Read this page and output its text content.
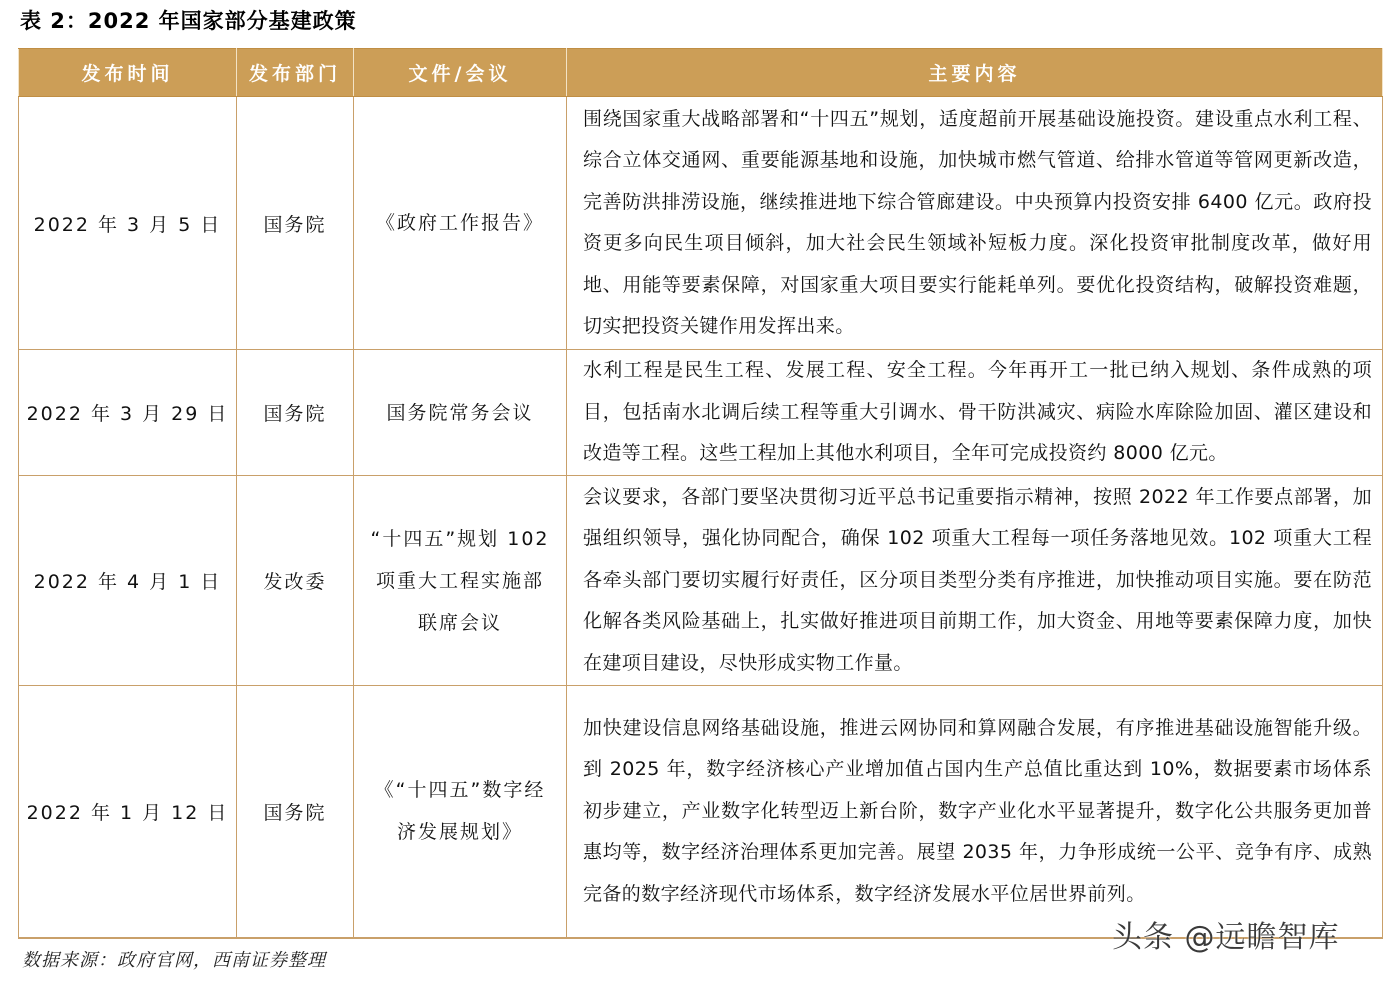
表 2：2022 年国家部分基建政策
发布时间	发布部门	文件/会议	主要内容
2022 年 3 月 5 日	国务院	《政府工作报告》	围绕国家重大战略部署和“十四五”规划，适度超前开展基础设施投资。建设重点水利工程、综合立体交通网、重要能源基地和设施，加快城市燃气管道、给排水管道等管网更新改造，完善防洪排涝设施，继续推进地下综合管廊建设。中央预算内投资安排 6400 亿元。政府投资更多向民生项目倾斜，加大社会民生领域补短板力度。深化投资审批制度改革，做好用地、用能等要素保障，对国家重大项目要实行能耗单列。要优化投资结构，破解投资难题，切实把投资关键作用发挥出来。
2022 年 3 月 29 日	国务院	国务院常务会议	水利工程是民生工程、发展工程、安全工程。今年再开工一批已纳入规划、条件成熟的项目，包括南水北调后续工程等重大引调水、骨干防洪减灾、病险水库除险加固、灌区建设和改造等工程。这些工程加上其他水利项目，全年可完成投资约 8000 亿元。
2022 年 4 月 1 日	发改委	“十四五”规划 102 项重大工程实施部联席会议	会议要求，各部门要坚决贯彻习近平总书记重要指示精神，按照 2022 年工作要点部署，加强组织领导，强化协同配合，确保 102 项重大工程每一项任务落地见效。102 项重大工程各牵头部门要切实履行好责任，区分项目类型分类有序推进，加快推动项目实施。要在防范化解各类风险基础上，扎实做好推进项目前期工作，加大资金、用地等要素保障力度，加快在建项目建设，尽快形成实物工作量。
2022 年 1 月 12 日	国务院	《“十四五”数字经济发展规划》	加快建设信息网络基础设施，推进云网协同和算网融合发展，有序推进基础设施智能升级。到 2025 年，数字经济核心产业增加值占国内生产总值比重达到 10%，数据要素市场体系初步建立，产业数字化转型迈上新台阶，数字产业化水平显著提升，数字化公共服务更加普惠均等，数字经济治理体系更加完善。展望 2035 年，力争形成统一公平、竞争有序、成熟完备的数字经济现代市场体系，数字经济发展水平位居世界前列。
数据来源：政府官网，西南证券整理
头条 @远瞻智库
